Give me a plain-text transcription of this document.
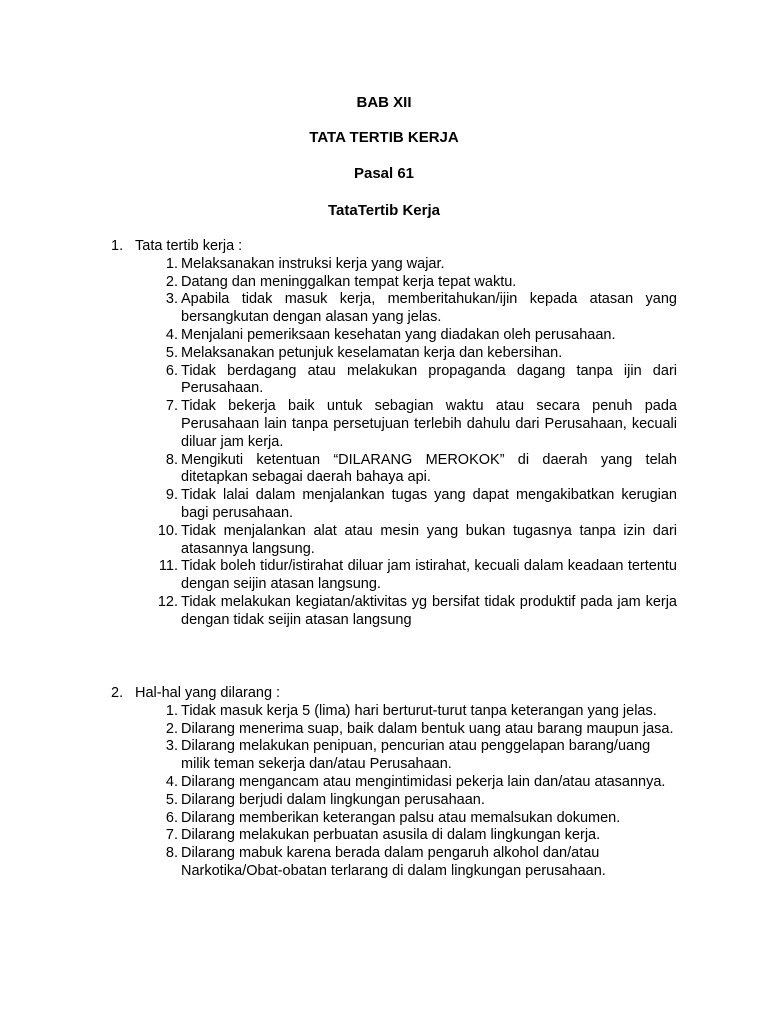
BAB XII
TATA TERTIB KERJA
Pasal 61
TataTertib Kerja
1. Tata tertib kerja :
1. Melaksanakan instruksi kerja yang wajar.
2. Datang dan meninggalkan tempat kerja tepat waktu.
3. Apabila tidak masuk kerja, memberitahukan/ijin kepada atasan yang bersangkutan dengan alasan yang jelas.
4. Menjalani pemeriksaan kesehatan yang diadakan oleh perusahaan.
5. Melaksanakan petunjuk keselamatan kerja dan kebersihan.
6. Tidak berdagang atau melakukan propaganda dagang tanpa ijin dari Perusahaan.
7. Tidak bekerja baik untuk sebagian waktu atau secara penuh pada Perusahaan lain tanpa persetujuan terlebih dahulu dari Perusahaan, kecuali diluar jam kerja.
8. Mengikuti ketentuan “DILARANG MEROKOK” di daerah yang telah ditetapkan sebagai daerah bahaya api.
9. Tidak lalai dalam menjalankan tugas yang dapat mengakibatkan kerugian bagi perusahaan.
10. Tidak menjalankan alat atau mesin yang bukan tugasnya tanpa izin dari atasannya langsung.
11. Tidak boleh tidur/istirahat diluar jam istirahat, kecuali dalam keadaan tertentu dengan seijin atasan langsung.
12. Tidak melakukan kegiatan/aktivitas yg bersifat tidak produktif pada jam kerja dengan tidak seijin atasan langsung
2. Hal-hal yang dilarang :
1. Tidak masuk kerja 5 (lima) hari berturut-turut tanpa keterangan yang jelas.
2. Dilarang menerima suap, baik dalam bentuk uang atau barang maupun jasa.
3. Dilarang melakukan penipuan, pencurian atau penggelapan barang/uang milik teman sekerja dan/atau Perusahaan.
4. Dilarang mengancam atau mengintimidasi pekerja lain dan/atau atasannya.
5. Dilarang berjudi dalam lingkungan perusahaan.
6. Dilarang memberikan keterangan palsu atau memalsukan dokumen.
7. Dilarang melakukan perbuatan asusila di dalam lingkungan kerja.
8. Dilarang mabuk karena berada dalam pengaruh alkohol dan/atau Narkotika/Obat-obatan terlarang di dalam lingkungan perusahaan.
